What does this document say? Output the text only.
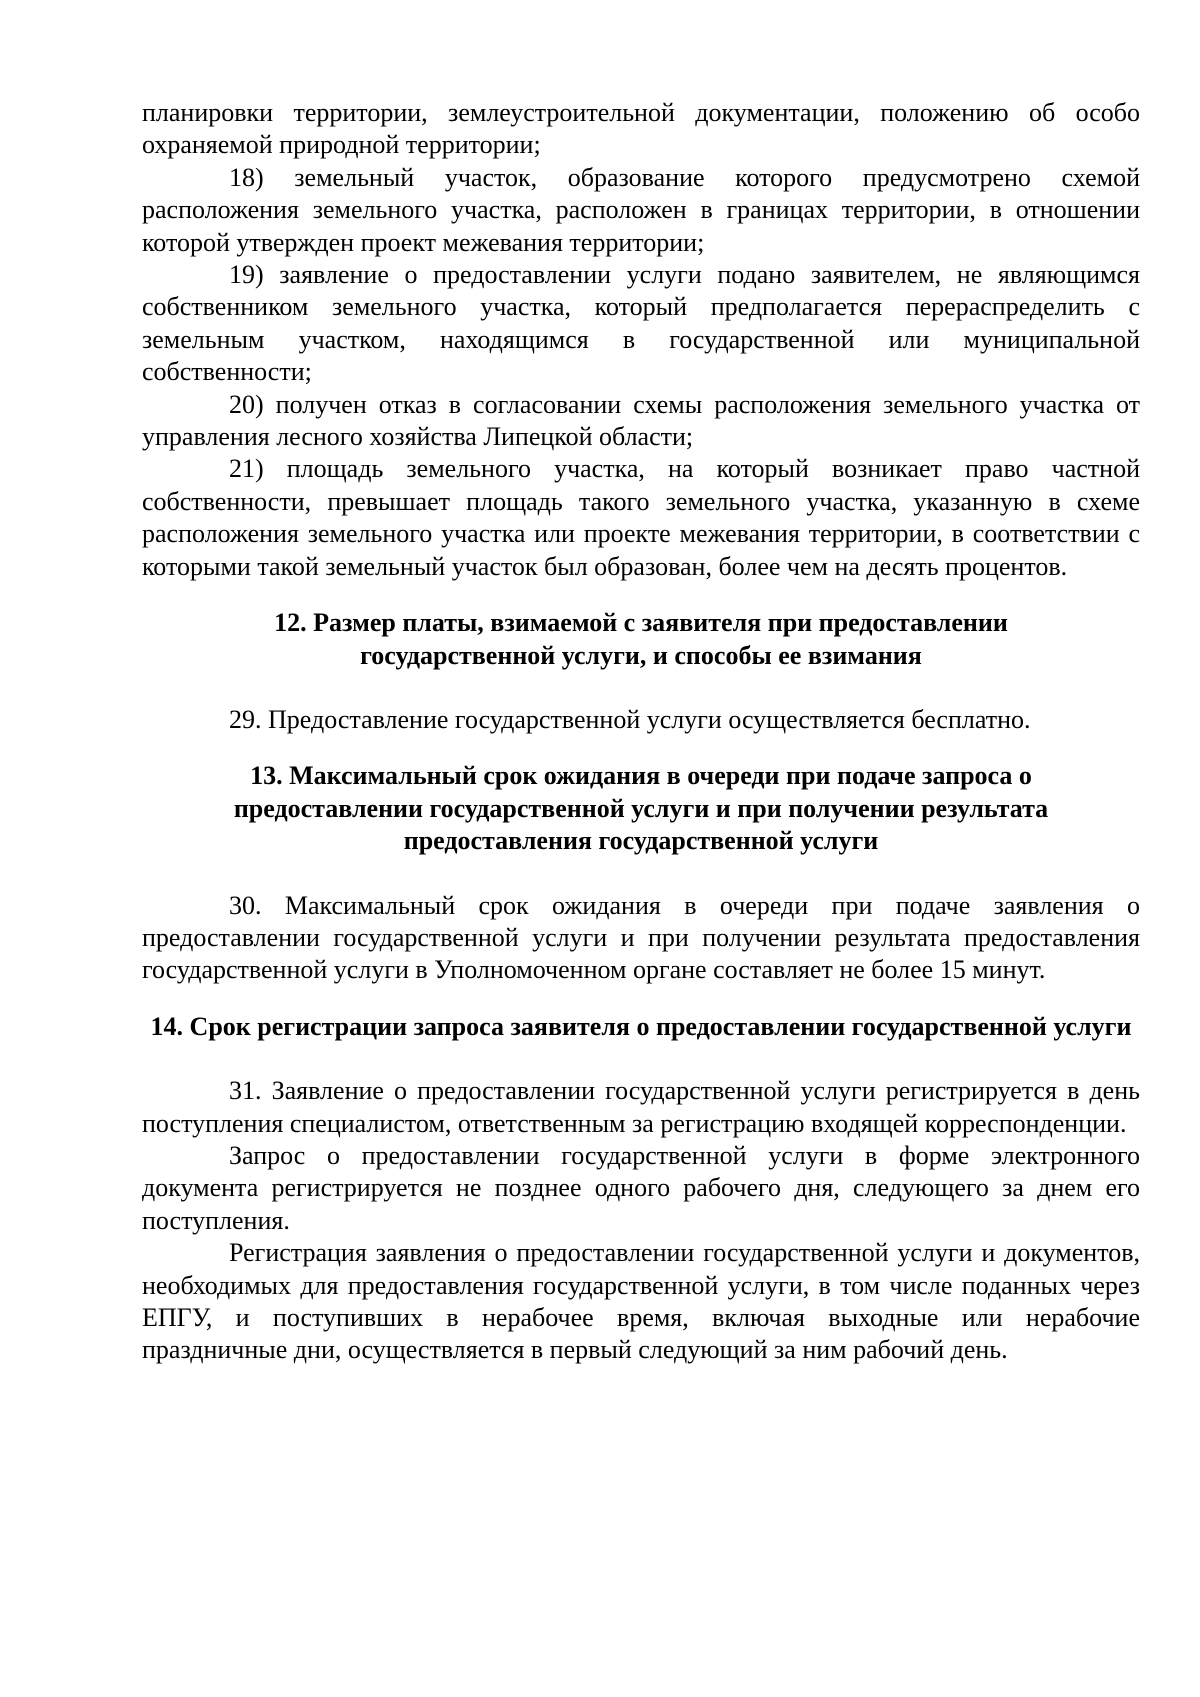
планировки территории, землеустроительной документации, положению об особо охраняемой природной территории;

18) земельный участок, образование которого предусмотрено схемой расположения земельного участка, расположен в границах территории, в отношении которой утвержден проект межевания территории;

19) заявление о предоставлении услуги подано заявителем, не являющимся собственником земельного участка, который предполагается перераспределить с земельным участком, находящимся в государственной или муниципальной собственности;

20) получен отказ в согласовании схемы расположения земельного участка от управления лесного хозяйства Липецкой области;

21) площадь земельного участка, на который возникает право частной собственности, превышает площадь такого земельного участка, указанную в схеме расположения земельного участка или проекте межевания территории, в соответствии с которыми такой земельный участок был образован, более чем на десять процентов.

12. Размер платы, взимаемой с заявителя при предоставлении государственной услуги, и способы ее взимания

29. Предоставление государственной услуги осуществляется бесплатно.

13. Максимальный срок ожидания в очереди при подаче запроса о предоставлении государственной услуги и при получении результата предоставления государственной услуги

30. Максимальный срок ожидания в очереди при подаче заявления о предоставлении государственной услуги и при получении результата предоставления государственной услуги в Уполномоченном органе составляет не более 15 минут.

14. Срок регистрации запроса заявителя о предоставлении государственной услуги

31. Заявление о предоставлении государственной услуги регистрируется в день поступления специалистом, ответственным за регистрацию входящей корреспонденции.

Запрос о предоставлении государственной услуги в форме электронного документа регистрируется не позднее одного рабочего дня, следующего за днем его поступления.

Регистрация заявления о предоставлении государственной услуги и документов, необходимых для предоставления государственной услуги, в том числе поданных через ЕПГУ, и поступивших в нерабочее время, включая выходные или нерабочие праздничные дни, осуществляется в первый следующий за ним рабочий день.
